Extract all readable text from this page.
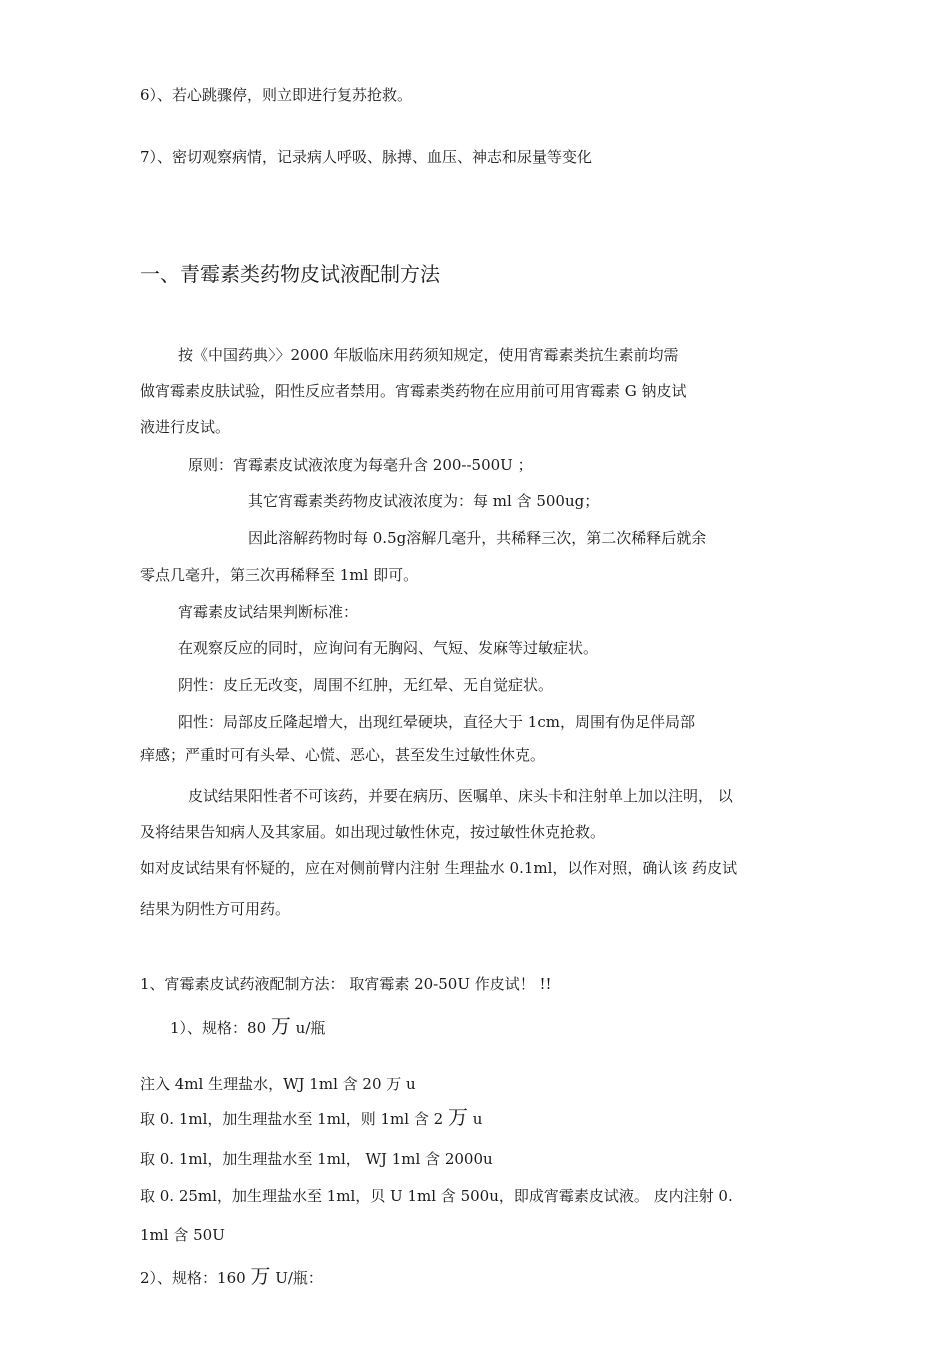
6）、若心跳骤停，则立即进行复苏抢救。
7）、密切观察病情，记录病人呼吸、脉搏、血压、神志和尿量等变化
一、青霉素类药物皮试液配制方法
按《中国药典〉〉2000 年版临床用药须知规定，使用宵霉素类抗生素前均需
做宵霉素皮肤试验，阳性反应者禁用。宵霉素类药物在应用前可用宵霉素 G 钠皮试
液进行皮试。
原则：宵霉素皮试液浓度为每毫升含 200--500U ；
其它宵霉素类药物皮试液浓度为：每 ml 含 500ug；
因此溶解药物时每 0.5g溶解几毫升，共稀释三次，第二次稀释后就余
零点几毫升，第三次再稀释至 1ml 即可。
宵霉素皮试结果判断标准：
在观察反应的同时，应询问有无胸闷、气短、发麻等过敏症状。
阴性：皮丘无改变，周围不红肿，无红晕、无自觉症状。
阳性：局部皮丘隆起增大，出现红晕硬块，直径大于 1cm，周围有伪足伴局部
痒感；严重时可有头晕、心慌、恶心，甚至发生过敏性休克。
皮试结果阳性者不可该药，并要在病历、医嘱单、床头卡和注射单上加以注明， 以
及将结果告知病人及其家届。如出现过敏性休克，按过敏性休克抢救。
如对皮试结果有怀疑的，应在对侧前臂内注射 生理盐水 0.1ml，以作对照，确认该 药皮试
结果为阴性方可用药。
1、宵霉素皮试药液配制方法： 取宵霉素 20-50U 作皮试！ !!
1）、规格：80 万 u/瓶
注入 4ml 生理盐水，WJ 1ml 含 20 万 u
取 0. 1ml，加生理盐水至 1ml，则 1ml 含 2 万 u
取 0. 1ml，加生理盐水至 1ml， WJ 1ml 含 2000u
取 0. 25ml，加生理盐水至 1ml，贝 U 1ml 含 500u，即成宵霉素皮试液。 皮内注射 0.
1ml 含 50U
2）、规格：160 万 U/瓶：
